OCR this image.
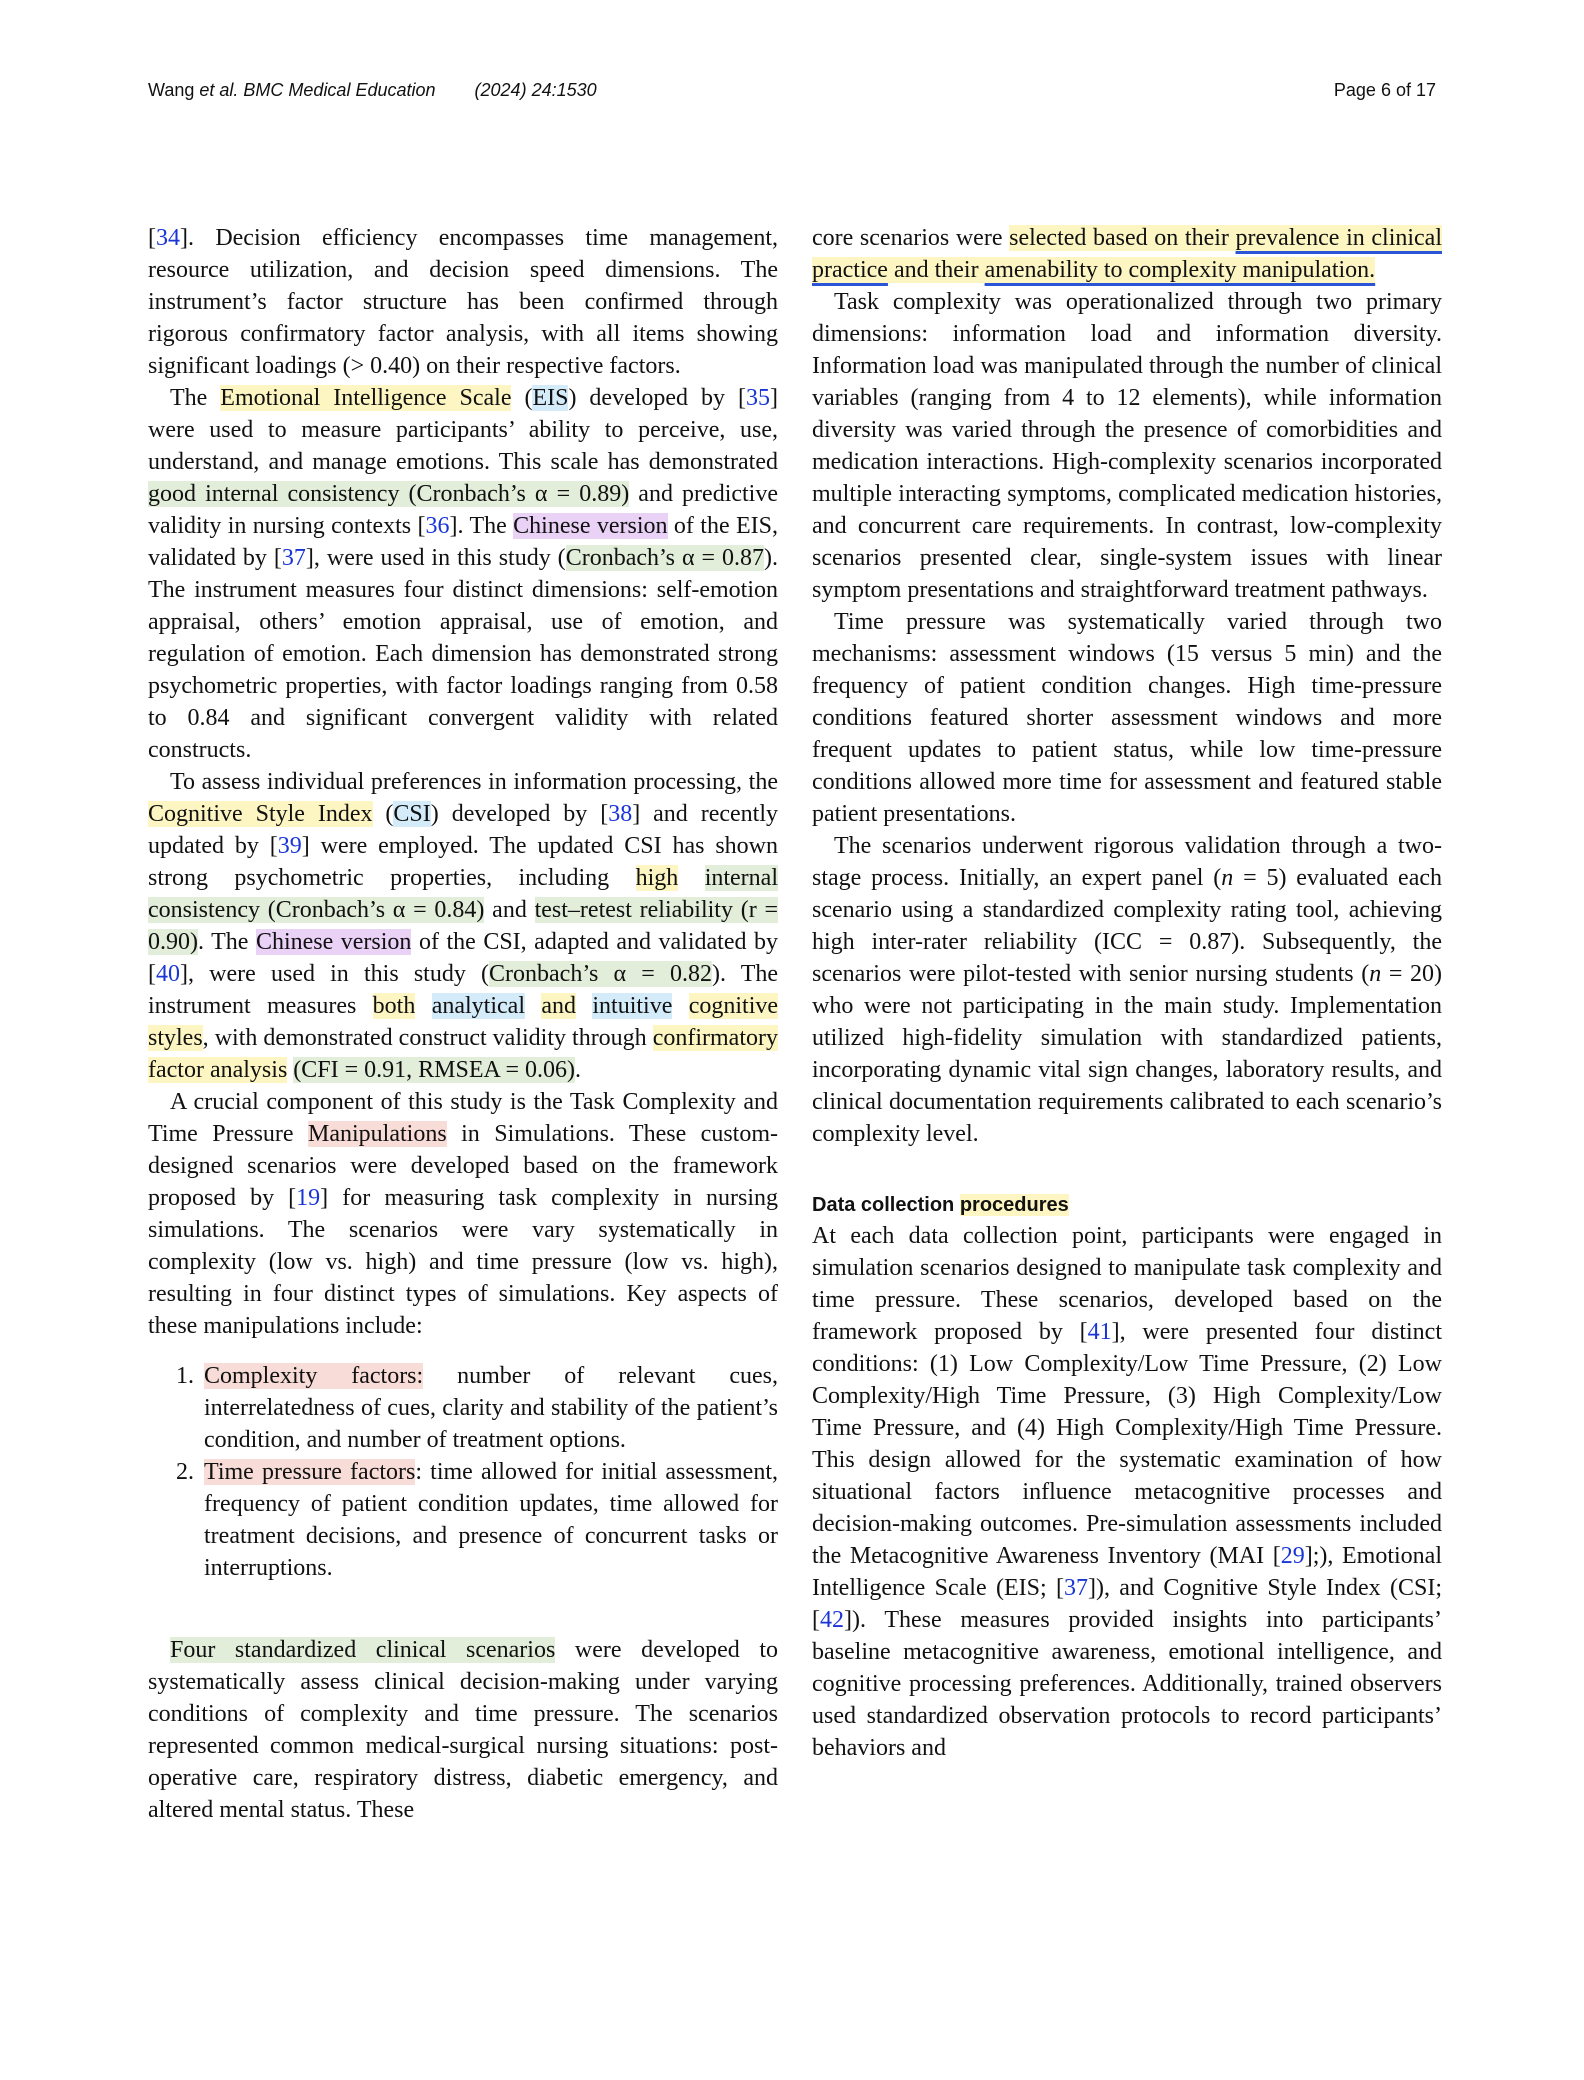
Wang et al. BMC Medical Education (2024) 24:1530	Page 6 of 17

[34]. Decision efficiency encompasses time management, resource utilization, and decision speed dimensions. The instrument’s factor structure has been confirmed through rigorous confirmatory factor analysis, with all items showing significant loadings (> 0.40) on their respective factors.

The Emotional Intelligence Scale (EIS) developed by [35] were used to measure participants’ ability to perceive, use, understand, and manage emotions. This scale has demonstrated good internal consistency (Cronbach’s α = 0.89) and predictive validity in nursing contexts [36]. The Chinese version of the EIS, validated by [37], were used in this study (Cronbach’s α = 0.87). The instrument measures four distinct dimensions: self-emotion appraisal, others’ emotion appraisal, use of emotion, and regulation of emotion. Each dimension has demonstrated strong psychometric properties, with factor loadings ranging from 0.58 to 0.84 and significant convergent validity with related constructs.

To assess individual preferences in information processing, the Cognitive Style Index (CSI) developed by [38] and recently updated by [39] were employed. The updated CSI has shown strong psychometric properties, including high internal consistency (Cronbach’s α = 0.84) and test–retest reliability (r = 0.90). The Chinese version of the CSI, adapted and validated by [40], were used in this study (Cronbach’s α = 0.82). The instrument measures both analytical and intuitive cognitive styles, with demonstrated construct validity through confirmatory factor analysis (CFI = 0.91, RMSEA = 0.06).

A crucial component of this study is the Task Complexity and Time Pressure Manipulations in Simulations. These custom-designed scenarios were developed based on the framework proposed by [19] for measuring task complexity in nursing simulations. The scenarios were vary systematically in complexity (low vs. high) and time pressure (low vs. high), resulting in four distinct types of simulations. Key aspects of these manipulations include:

1. Complexity factors: number of relevant cues, interrelatedness of cues, clarity and stability of the patient’s condition, and number of treatment options.
2. Time pressure factors: time allowed for initial assessment, frequency of patient condition updates, time allowed for treatment decisions, and presence of concurrent tasks or interruptions.

Four standardized clinical scenarios were developed to systematically assess clinical decision-making under varying conditions of complexity and time pressure. The scenarios represented common medical-surgical nursing situations: post-operative care, respiratory distress, diabetic emergency, and altered mental status. These

core scenarios were selected based on their prevalence in clinical practice and their amenability to complexity manipulation.

Task complexity was operationalized through two primary dimensions: information load and information diversity. Information load was manipulated through the number of clinical variables (ranging from 4 to 12 elements), while information diversity was varied through the presence of comorbidities and medication interactions. High-complexity scenarios incorporated multiple interacting symptoms, complicated medication histories, and concurrent care requirements. In contrast, low-complexity scenarios presented clear, single-system issues with linear symptom presentations and straightforward treatment pathways.

Time pressure was systematically varied through two mechanisms: assessment windows (15 versus 5 min) and the frequency of patient condition changes. High time-pressure conditions featured shorter assessment windows and more frequent updates to patient status, while low time-pressure conditions allowed more time for assessment and featured stable patient presentations.

The scenarios underwent rigorous validation through a two-stage process. Initially, an expert panel (n = 5) evaluated each scenario using a standardized complexity rating tool, achieving high inter-rater reliability (ICC = 0.87). Subsequently, the scenarios were pilot-tested with senior nursing students (n = 20) who were not participating in the main study. Implementation utilized high-fidelity simulation with standardized patients, incorporating dynamic vital sign changes, laboratory results, and clinical documentation requirements calibrated to each scenario’s complexity level.

Data collection procedures

At each data collection point, participants were engaged in simulation scenarios designed to manipulate task complexity and time pressure. These scenarios, developed based on the framework proposed by [41], were presented four distinct conditions: (1) Low Complexity/Low Time Pressure, (2) Low Complexity/High Time Pressure, (3) High Complexity/Low Time Pressure, and (4) High Complexity/High Time Pressure. This design allowed for the systematic examination of how situational factors influence metacognitive processes and decision-making outcomes. Pre-simulation assessments included the Metacognitive Awareness Inventory (MAI [29];), Emotional Intelligence Scale (EIS; [37]), and Cognitive Style Index (CSI; [42]). These measures provided insights into participants’ baseline metacognitive awareness, emotional intelligence, and cognitive processing preferences. Additionally, trained observers used standardized observation protocols to record participants’ behaviors and
